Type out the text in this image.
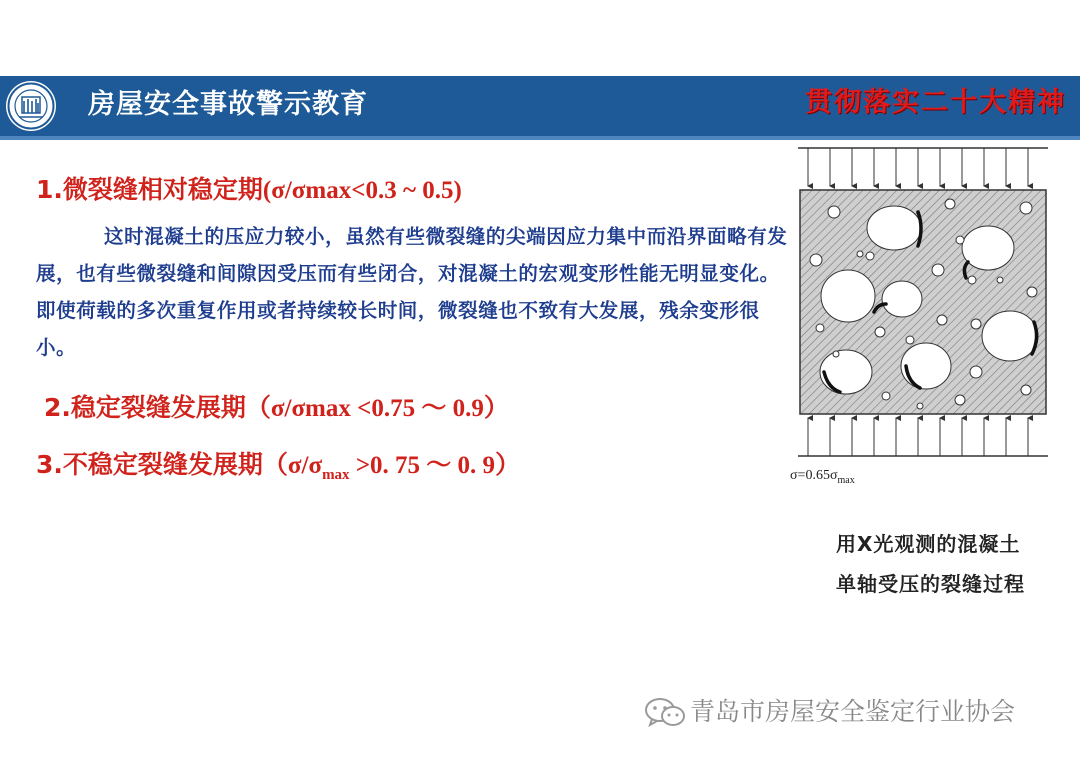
房屋安全事故警示教育	贯彻落实二十大精神
1.微裂缝相对稳定期(σ/σmax<0.3 ~ 0.5)
这时混凝土的压应力较小，虽然有些微裂缝的尖端因应力集中而沿界面略有发展，也有些微裂缝和间隙因受压而有些闭合，对混凝土的宏观变形性能无明显变化。即使荷载的多次重复作用或者持续较长时间，微裂缝也不致有大发展，残余变形很小。
2.稳定裂缝发展期（σ/σmax <0.75 ～ 0.9）
3.不稳定裂缝发展期（$\sigma/\sigma_{max} >0$. 75 ～ 0. 9）	$\sigma=0.65\sigma_{max}$
用X光观测的混凝土
单轴受压的裂缝过程
青岛市房屋安全鉴定行业协会
